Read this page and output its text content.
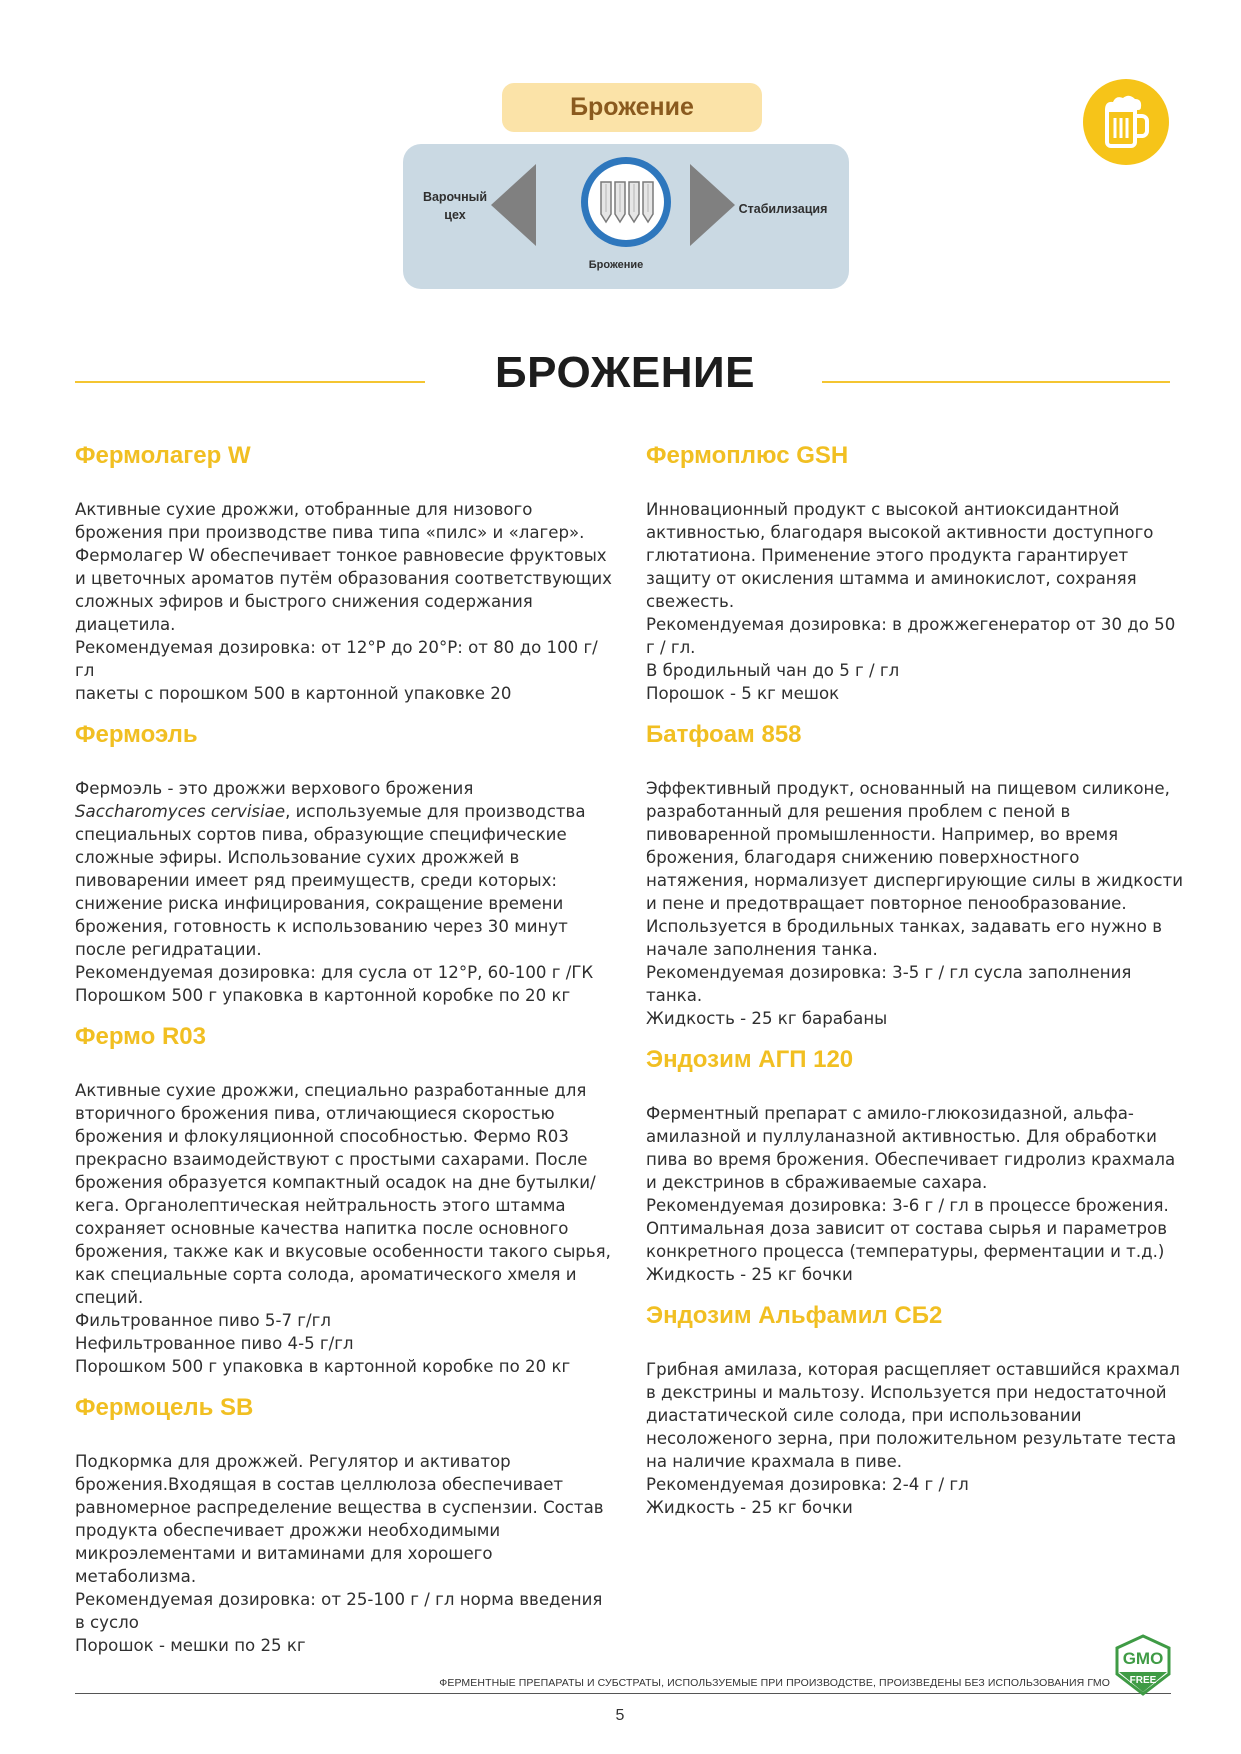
Брожение
Варочный цех	Стабилизация
Брожение
БРОЖЕНИЕ
Фермолагер W
Активные сухие дрожжи, отобранные для низового брожения при производстве пива типа «пилс» и «лагер». Фермолагер W обеспечивает тонкое равновесие фруктовых и цветочных ароматов путём образования соответствующих сложных эфиров и быстрого снижения содержания диацетила.
Рекомендуемая дозировка: от 12°Р до 20°Р: от 80 до 100 г/гл
пакеты с порошком 500 в картонной упаковке 20
Фермоэль
Фермоэль - это дрожжи верхового брожения
Saccharomyces cervisiae, используемые для производства специальных сортов пива, образующие специфические сложные эфиры. Использование сухих дрожжей в пивоварении имеет ряд преимуществ, среди которых: снижение риска инфицирования, сокращение времени брожения, готовность к использованию через 30 минут после регидратации.
Рекомендуемая дозировка: для сусла от 12°Р, 60-100 г /ГК
Порошком 500 г упаковка в картонной коробке по 20 кг
Фермо R03
Активные сухие дрожжи, специально разработанные для вторичного брожения пива, отличающиеся скоростью брожения и флокуляционной способностью. Фермо R03 прекрасно взаимодействуют с простыми сахарами. После брожения образуется компактный осадок на дне бутылки/кега. Органолептическая нейтральность этого штамма сохраняет основные качества напитка после основного брожения, также как и вкусовые особенности такого сырья, как специальные сорта солода, ароматического хмеля и специй.
Фильтрованное пиво 5-7 г/гл
Нефильтрованное пиво 4-5 г/гл
Порошком 500 г упаковка в картонной коробке по 20 кг
Фермоцель SB
Подкормка для дрожжей. Регулятор и активатор брожения.Входящая в состав целлюлоза обеспечивает равномерное распределение вещества в суспензии. Состав продукта обеспечивает дрожжи необходимыми микроэлементами и витаминами для хорошего метаболизма.
Рекомендуемая дозировка: от 25-100 г / гл норма введения в сусло
Порошок - мешки по 25 кг
Фермоплюс GSH
Инновационный продукт с высокой антиоксидантной активностью, благодаря высокой активности доступного глютатиона. Применение этого продукта гарантирует защиту от окисления штамма и аминокислот, сохраняя свежесть.
Рекомендуемая дозировка: в дрожжегенератор от 30 до 50 г / гл.
В бродильный чан до 5 г / гл
Порошок - 5 кг мешок
Батфоам 858
Эффективный продукт, основанный на пищевом силиконе, разработанный для решения проблем с пеной в пивоваренной промышленности. Например, во время брожения, благодаря снижению поверхностного натяжения, нормализует диспергирующие силы в жидкости и пене и предотвращает повторное пенообразование. Используется в бродильных танках, задавать его нужно в начале заполнения танка.
Рекомендуемая дозировка: 3-5 г / гл сусла заполнения танка.
Жидкость - 25 кг барабаны
Эндозим АГП 120
Ферментный препарат с амило-глюкозидазной, альфа-амилазной и пуллуланазной активностью. Для обработки пива во время брожения. Обеспечивает гидролиз крахмала и декстринов в сбраживаемые сахара.
Рекомендуемая дозировка: 3-6 г / гл в процессе брожения. Оптимальная доза зависит от состава сырья и параметров конкретного процесса (температуры, ферментации и т.д.)
Жидкость - 25 кг бочки
Эндозим Альфамил СБ2
Грибная амилаза, которая расщепляет оставшийся крахмал в декстрины и мальтозу. Используется при недостаточной диастатической силе солода, при использовании несоложеного зерна, при положительном результате теста на наличие крахмала в пиве.
Рекомендуемая дозировка: 2-4 г / гл
Жидкость - 25 кг бочки
ФЕРМЕНТНЫЕ ПРЕПАРАТЫ И СУБСТРАТЫ, ИСПОЛЬЗУЕМЫЕ ПРИ ПРОИЗВОДСТВЕ, ПРОИЗВЕДЕНЫ БЕЗ ИСПОЛЬЗОВАНИЯ ГМО
GMO
FREE
5
